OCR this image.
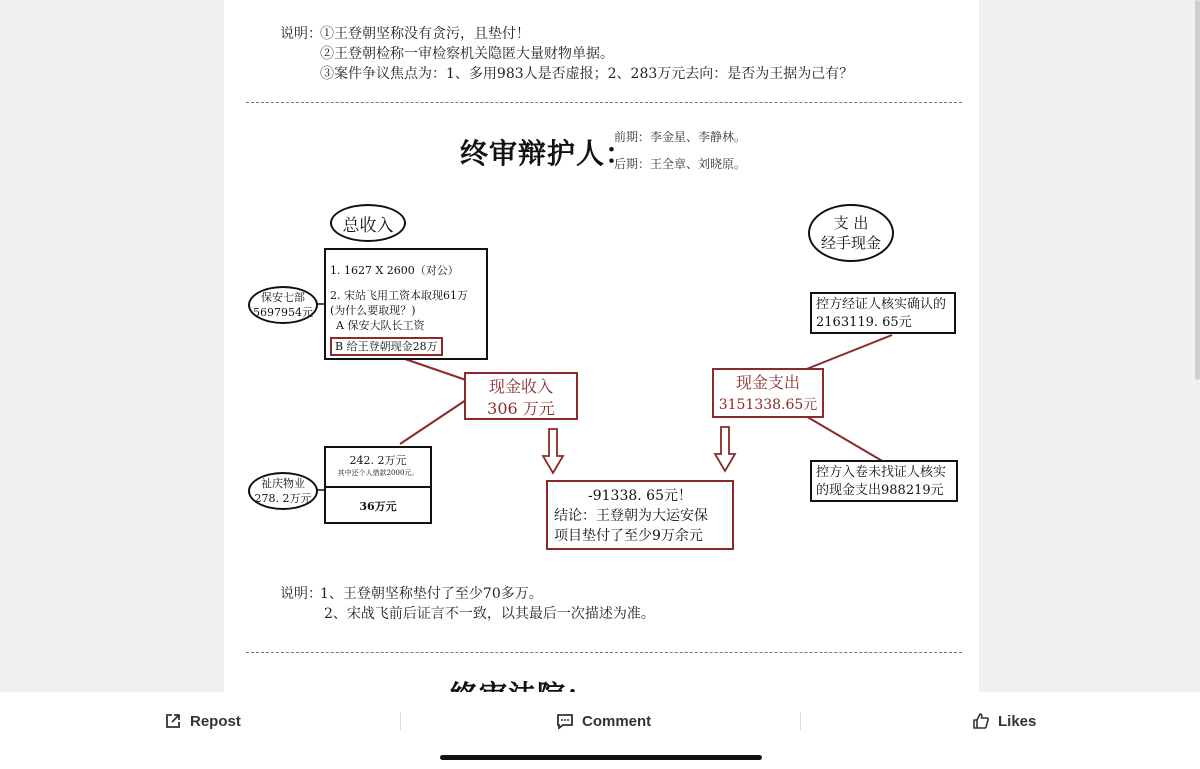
说明：
①王登朝坚称没有贪污，且垫付！
②王登朝检称一审检察机关隐匿大量财物单据。
③案件争议焦点为：1、多用983人是否虚报；2、283万元去向：是否为王据为己有？
终审辩护人：
前期：李金星、李静林。
后期：王全章、刘晓原。
总收入	支 出
经手现金
保安七部
5697954元
祉庆物业
278. 2万元
1. 1627 X 2600（对公）
2. 宋站飞用工资本取现61万
(为什么要取现？)
A 保安大队长工资
B 给王登朝现金28万
现金收入
306 万元
现金支出
3151338.65元
控方经证人核实确认的
2163119. 65元
控方入卷未找证人核实
的现金支出988219元
242. 2万元
其中还个人借款2000元。
36万元
-91338. 65元！
结论：王登朝为大运安保
项目垫付了至少9万余元
说明：
1、王登朝坚称垫付了至少70多万。
2、宋战飞前后证言不一致，以其最后一次描述为准。
Repost	Comment	Likes
